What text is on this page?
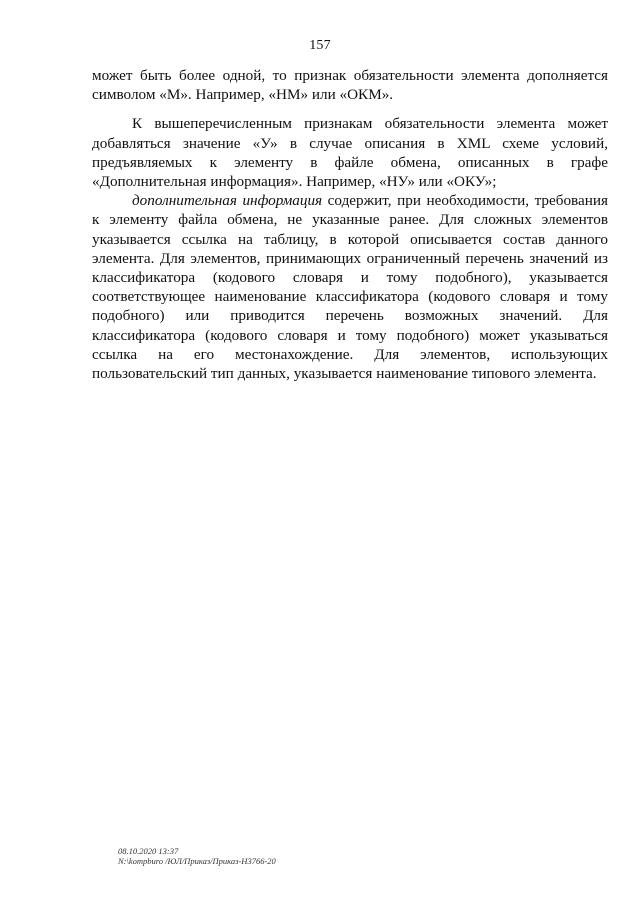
157

может быть более одной, то признак обязательности элемента дополняется символом «М». Например, «НМ» или «ОКМ».

К вышеперечисленным признакам обязательности элемента может добавляться значение «У» в случае описания в XML схеме условий, предъявляемых к элементу в файле обмена, описанных в графе «Дополнительная информация». Например, «НУ» или «ОКУ»;

дополнительная информация содержит, при необходимости, требования к элементу файла обмена, не указанные ранее. Для сложных элементов указывается ссылка на таблицу, в которой описывается состав данного элемента. Для элементов, принимающих ограниченный перечень значений из классификатора (кодового словаря и тому подобного), указывается соответствующее наименование классификатора (кодового словаря и тому подобного) или приводится перечень возможных значений. Для классификатора (кодового словаря и тому подобного) может указываться ссылка на его местонахождение. Для элементов, использующих пользовательский тип данных, указывается наименование типового элемента.

08.10.2020 13:37
N:\kompburo /ЮЛ/Приказ/Приказ-Н3766-20
